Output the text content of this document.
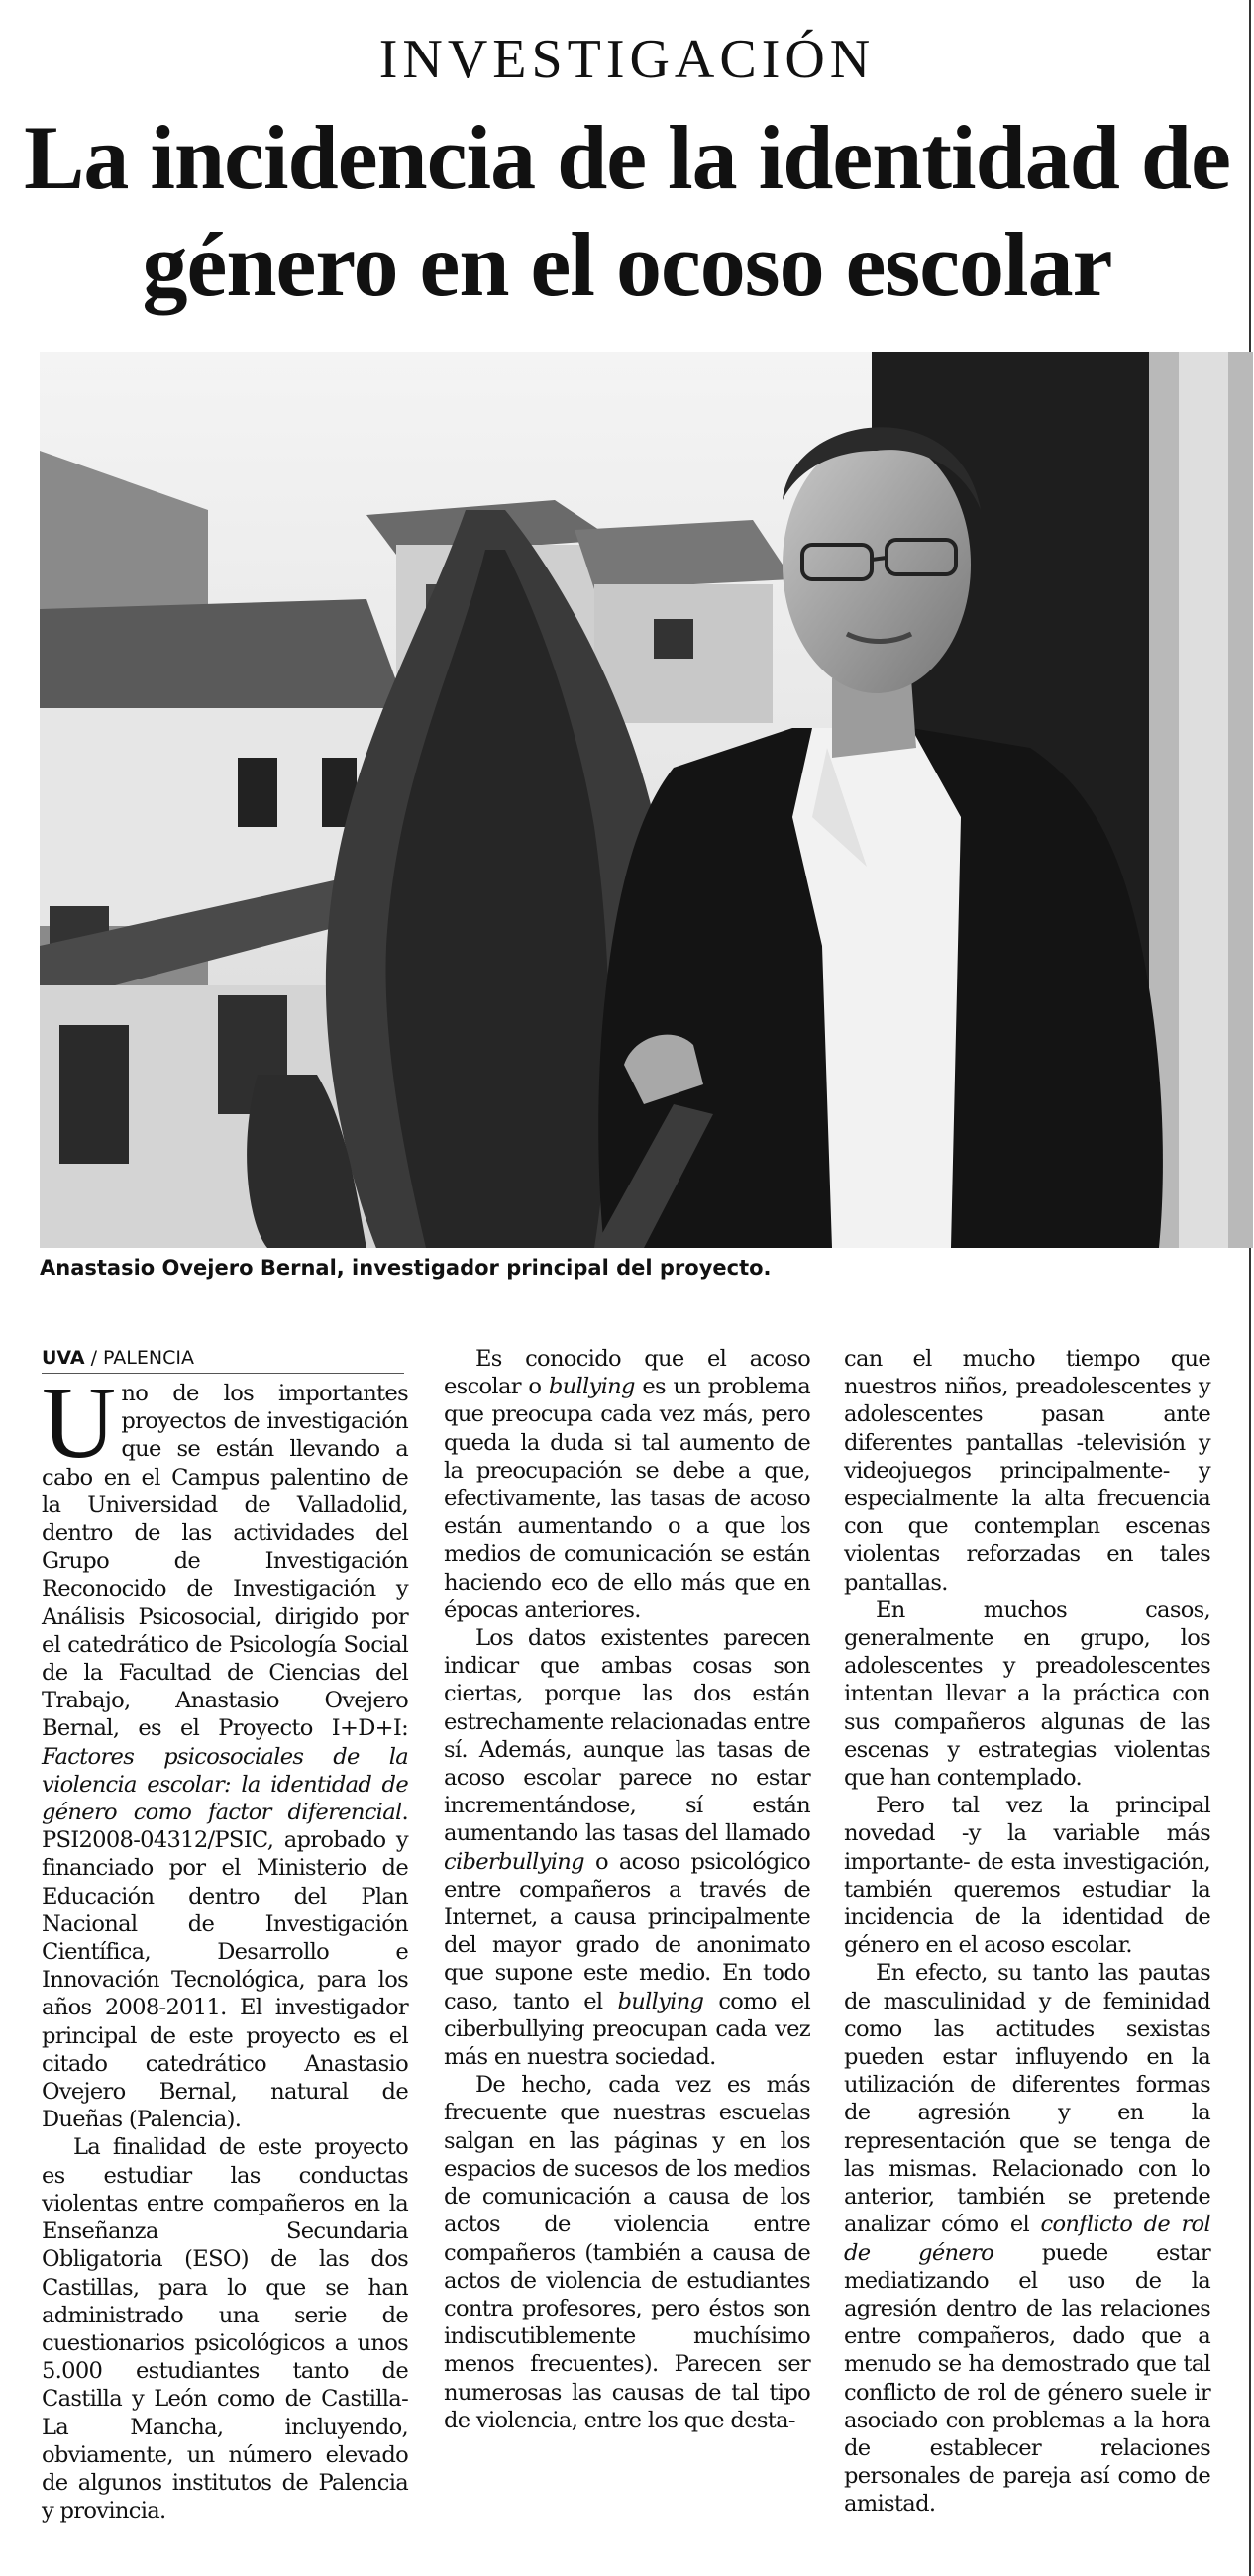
INVESTIGACIÓN
La incidencia de la identidad de género en el ocoso escolar
Anastasio Ovejero Bernal, investigador principal del proyecto.
UVA / PALENCIA

Uno de los importantes proyectos de investigación que se están llevando a cabo en el Campus palentino de la Universidad de Valladolid, dentro de las actividades del Grupo de Investigación Reconocido de Investigación y Análisis Psicosocial, dirigido por el catedrático de Psicología Social de la Facultad de Ciencias del Trabajo, Anastasio Ovejero Bernal, es el Proyecto I+D+I: Factores psicosociales de la violencia escolar: la identidad de género como factor diferencial. PSI2008-04312/PSIC, aprobado y financiado por el Ministerio de Educación dentro del Plan Nacional de Investigación Científica, Desarrollo e Innovación Tecnológica, para los años 2008-2011. El investigador principal de este proyecto es el citado catedrático Anastasio Ovejero Bernal, natural de Dueñas (Palencia).

La finalidad de este proyecto es estudiar las conductas violentas entre compañeros en la Enseñanza Secundaria Obligatoria (ESO) de las dos Castillas, para lo que se han administrado una serie de cuestionarios psicológicos a unos 5.000 estudiantes tanto de Castilla y León como de Castilla-La Mancha, incluyendo, obviamente, un número elevado de algunos institutos de Palencia y provincia.

Es conocido que el acoso escolar o bullying es un problema que preocupa cada vez más, pero queda la duda si tal aumento de la preocupación se debe a que, efectivamente, las tasas de acoso están aumentando o a que los medios de comunicación se están haciendo eco de ello más que en épocas anteriores.

Los datos existentes parecen indicar que ambas cosas son ciertas, porque las dos están estrechamente relacionadas entre sí. Además, aunque las tasas de acoso escolar parece no estar incrementándose, sí están aumentando las tasas del llamado ciberbullying o acoso psicológico entre compañeros a través de Internet, a causa principalmente del mayor grado de anonimato que supone este medio. En todo caso, tanto el bullying como el ciberbullying preocupan cada vez más en nuestra sociedad.

De hecho, cada vez es más frecuente que nuestras escuelas salgan en las páginas y en los espacios de sucesos de los medios de comunicación a causa de los actos de violencia entre compañeros (también a causa de actos de violencia de estudiantes contra profesores, pero éstos son indiscutiblemente muchísimo menos frecuentes). Parecen ser numerosas las causas de tal tipo de violencia, entre los que desta-

can el mucho tiempo que nuestros niños, preadolescentes y adolescentes pasan ante diferentes pantallas -televisión y videojuegos principalmente- y especialmente la alta frecuencia con que contemplan escenas violentas reforzadas en tales pantallas.

En muchos casos, generalmente en grupo, los adolescentes y preadolescentes intentan llevar a la práctica con sus compañeros algunas de las escenas y estrategias violentas que han contemplado.

Pero tal vez la principal novedad -y la variable más importante- de esta investigación, también queremos estudiar la incidencia de la identidad de género en el acoso escolar.

En efecto, su tanto las pautas de masculinidad y de feminidad como las actitudes sexistas pueden estar influyendo en la utilización de diferentes formas de agresión y en la representación que se tenga de las mismas. Relacionado con lo anterior, también se pretende analizar cómo el conflicto de rol de género puede estar mediatizando el uso de la agresión dentro de las relaciones entre compañeros, dado que a menudo se ha demostrado que tal conflicto de rol de género suele ir asociado con problemas a la hora de establecer relaciones personales de pareja así como de amistad.
